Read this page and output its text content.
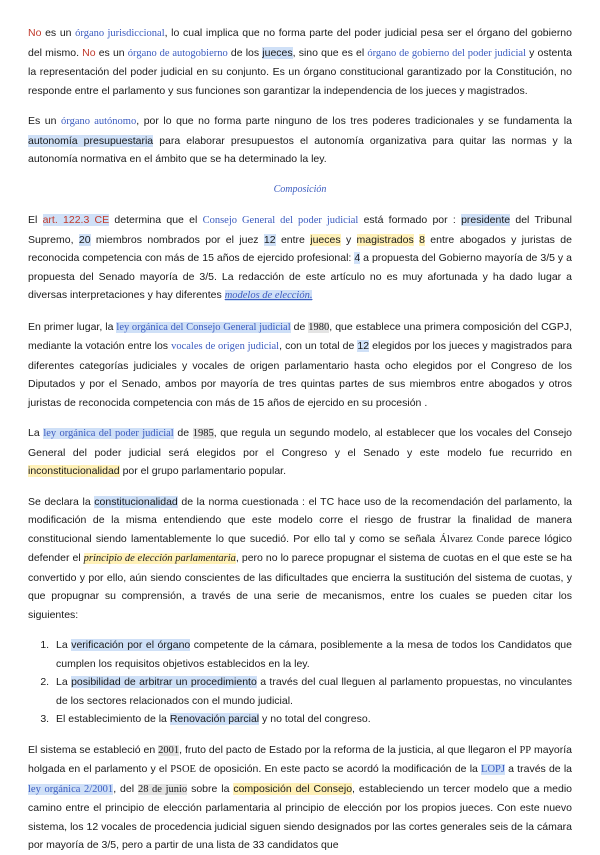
No es un órgano jurisdiccional, lo cual implica que no forma parte del poder judicial pesa ser el órgano del gobierno del mismo. No es un órgano de autogobierno de los jueces, sino que es el órgano de gobierno del poder judicial y ostenta la representación del poder judicial en su conjunto. Es un órgano constitucional garantizado por la Constitución, no responde entre el parlamento y sus funciones son garantizar la independencia de los jueces y magistrados.

Es un órgano autónomo, por lo que no forma parte ninguno de los tres poderes tradicionales y se fundamenta la autonomía presupuestaria para elaborar presupuestos el autonomía organizativa para quitar las normas y la autonomía normativa en el ámbito que se ha determinado la ley.

Composición

El art. 122.3 CE determina que el Consejo General del poder judicial está formado por : presidente del Tribunal Supremo, 20 miembros nombrados por el juez 12 entre jueces y magistrados 8 entre abogados y juristas de reconocida competencia con más de 15 años de ejercido profesional: 4 a propuesta del Gobierno mayoría de 3/5 y a propuesta del Senado mayoría de 3/5. La redacción de este artículo no es muy afortunada y ha dado lugar a diversas interpretaciones y hay diferentes modelos de elección.

En primer lugar, la ley orgánica del Consejo General judicial de 1980, que establece una primera composición del CGPJ, mediante la votación entre los vocales de origen judicial, con un total de 12 elegidos por los jueces y magistrados para diferentes categorías judiciales y vocales de origen parlamentario hasta ocho elegidos por el Congreso de los Diputados y por el Senado, ambos por mayoría de tres quintas partes de sus miembros entre abogados y otros juristas de reconocida competencia con más de 15 años de ejercido en su procesión .

La ley orgánica del poder judicial de 1985, que regula un segundo modelo, al establecer que los vocales del Consejo General del poder judicial será elegidos por el Congreso y el Senado y este modelo fue recurrido en inconstitucionalidad por el grupo parlamentario popular.

Se declara la constitucionalidad de la norma cuestionada : el TC hace uso de la recomendación del parlamento, la modificación de la misma entendiendo que este modelo corre el riesgo de frustrar la finalidad de manera constitucional siendo lamentablemente lo que sucedió. Por ello tal y como se señala Álvarez Conde parece lógico defender el principio de elección parlamentaria, pero no lo parece propugnar el sistema de cuotas en el que este se ha convertido y por ello, aún siendo conscientes de las dificultades que encierra la sustitución del sistema de cuotas, y que propugnar su comprensión, a través de una serie de mecanismos, entre los cuales se pueden citar los siguientes:

1. La verificación por el órgano competente de la cámara, posiblemente a la mesa de todos los Candidatos que cumplen los requisitos objetivos establecidos en la ley.
2. La posibilidad de arbitrar un procedimiento a través del cual lleguen al parlamento propuestas, no vinculantes de los sectores relacionados con el mundo judicial.
3. El establecimiento de la Renovación parcial y no total del congreso.

El sistema se estableció en 2001, fruto del pacto de Estado por la reforma de la justicia, al que llegaron el PP mayoría holgada en el parlamento y el PSOE de oposición. En este pacto se acordó la modificación de la LOPJ a través de la ley orgánica 2/2001, del 28 de junio sobre la composición del Consejo, estableciendo un tercer modelo que a medio camino entre el principio de elección parlamentaria al principio de elección por los propios jueces. Con este nuevo sistema, los 12 vocales de procedencia judicial siguen siendo designados por las cortes generales seis de la cámara por mayoría de 3/5, pero a partir de una lista de 33 candidatos que
